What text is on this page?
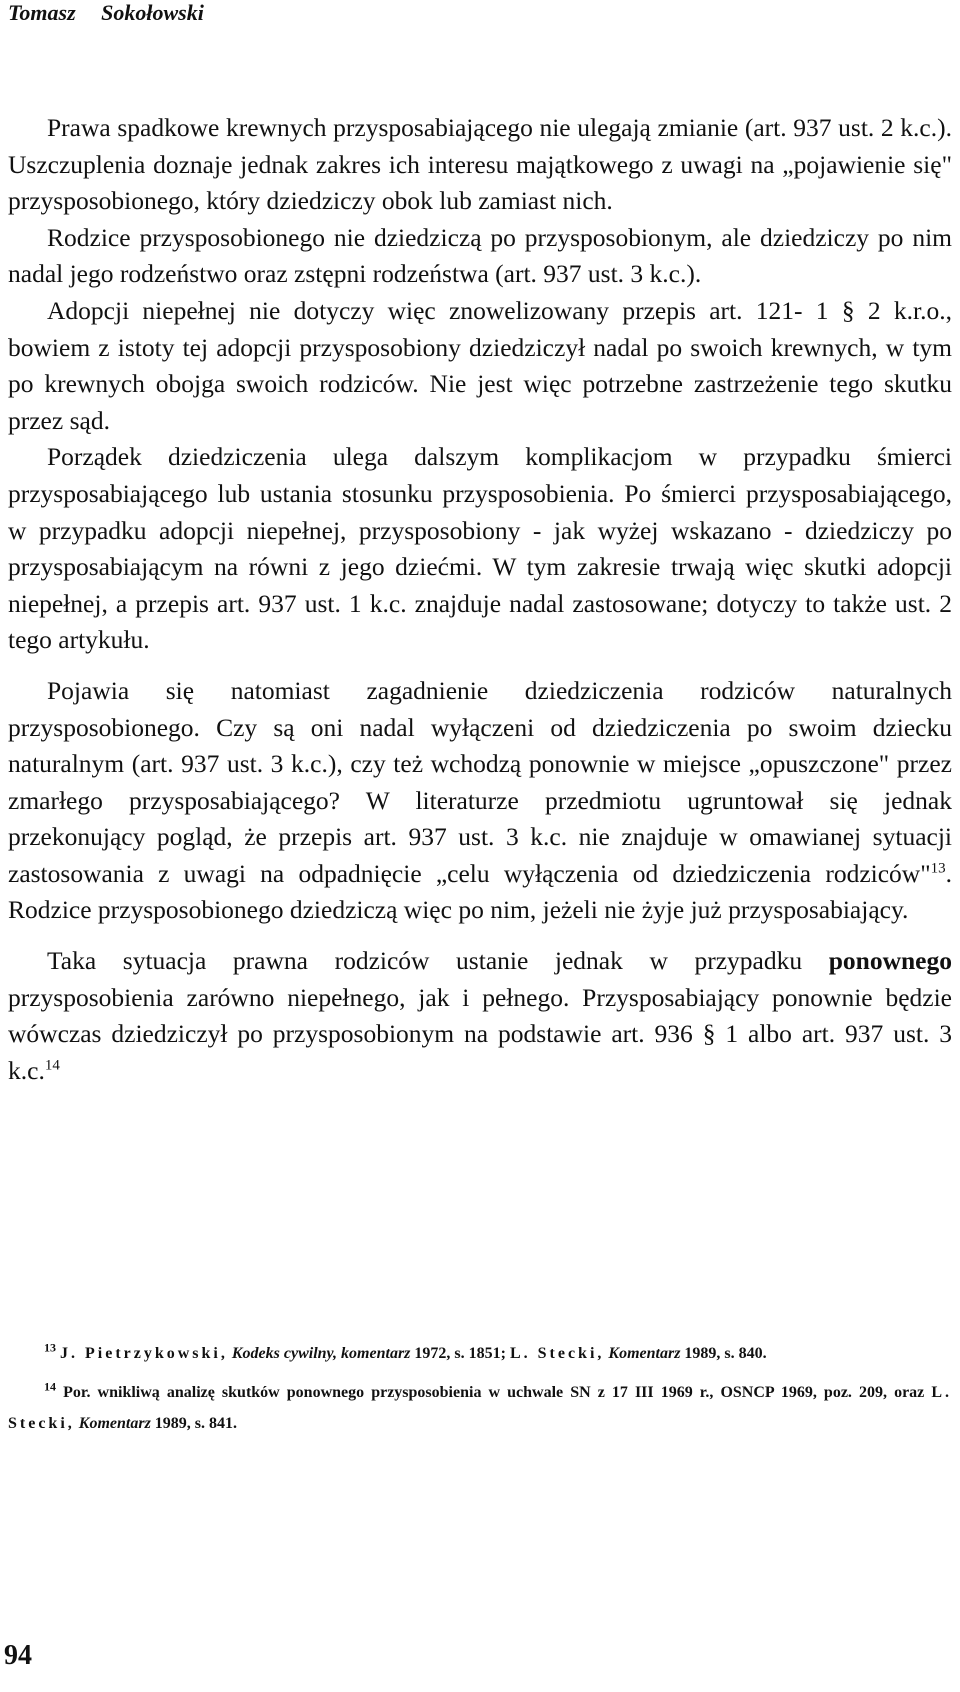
Tomasz Sokołowski

Prawa spadkowe krewnych przysposabiającego nie ulegają zmianie (art. 937 ust. 2 k.c.). Uszczuplenia doznaje jednak zakres ich interesu majątkowego z uwagi na „pojawienie się" przysposobionego, który dziedziczy obok lub zamiast nich.

Rodzice przysposobionego nie dziedziczą po przysposobionym, ale dziedziczy po nim nadal jego rodzeństwo oraz zstępni rodzeństwa (art. 937 ust. 3 k.c.).

Adopcji niepełnej nie dotyczy więc znowelizowany przepis art. 121- 1 § 2 k.r.o., bowiem z istoty tej adopcji przysposobiony dziedziczył nadal po swoich krewnych, w tym po krewnych obojga swoich rodziców. Nie jest więc potrzebne zastrzeżenie tego skutku przez sąd.

Porządek dziedziczenia ulega dalszym komplikacjom w przypadku śmierci przysposabiającego lub ustania stosunku przysposobienia. Po śmierci przysposabiającego, w przypadku adopcji niepełnej, przysposobiony - jak wyżej wskazano - dziedziczy po przysposabiającym na równi z jego dziećmi. W tym zakresie trwają więc skutki adopcji niepełnej, a przepis art. 937 ust. 1 k.c. znajduje nadal zastosowane; dotyczy to także ust. 2 tego artykułu.

Pojawia się natomiast zagadnienie dziedziczenia rodziców naturalnych przysposobionego. Czy są oni nadal wyłączeni od dziedziczenia po swoim dziecku naturalnym (art. 937 ust. 3 k.c.), czy też wchodzą ponownie w miejsce „opuszczone" przez zmarłego przysposabiającego? W literaturze przedmiotu ugruntował się jednak przekonujący pogląd, że przepis art. 937 ust. 3 k.c. nie znajduje w omawianej sytuacji zastosowania z uwagi na odpadnięcie „celu wyłączenia od dziedziczenia rodziców"$^{13}$. Rodzice przysposobionego dziedziczą więc po nim, jeżeli nie żyje już przysposabiający.

Taka sytuacja prawna rodziców ustanie jednak w przypadku ponownego przysposobienia zarówno niepełnego, jak i pełnego. Przysposabiający ponownie będzie wówczas dziedziczył po przysposobionym na podstawie art. 936 § 1 albo art. 937 ust. 3 k.c.$^{14}$

$^{13}$ J. Pietrzykowski, Kodeks cywilny, komentarz 1972, s. 1851; L. Stecki, Komentarz 1989, s. 840.

$^{14}$ Por. wnikliwą analizę skutków ponownego przysposobienia w uchwale SN z 17 III 1969 r., OSNCP 1969, poz. 209, oraz L. Stecki, Komentarz 1989, s. 841.

94
